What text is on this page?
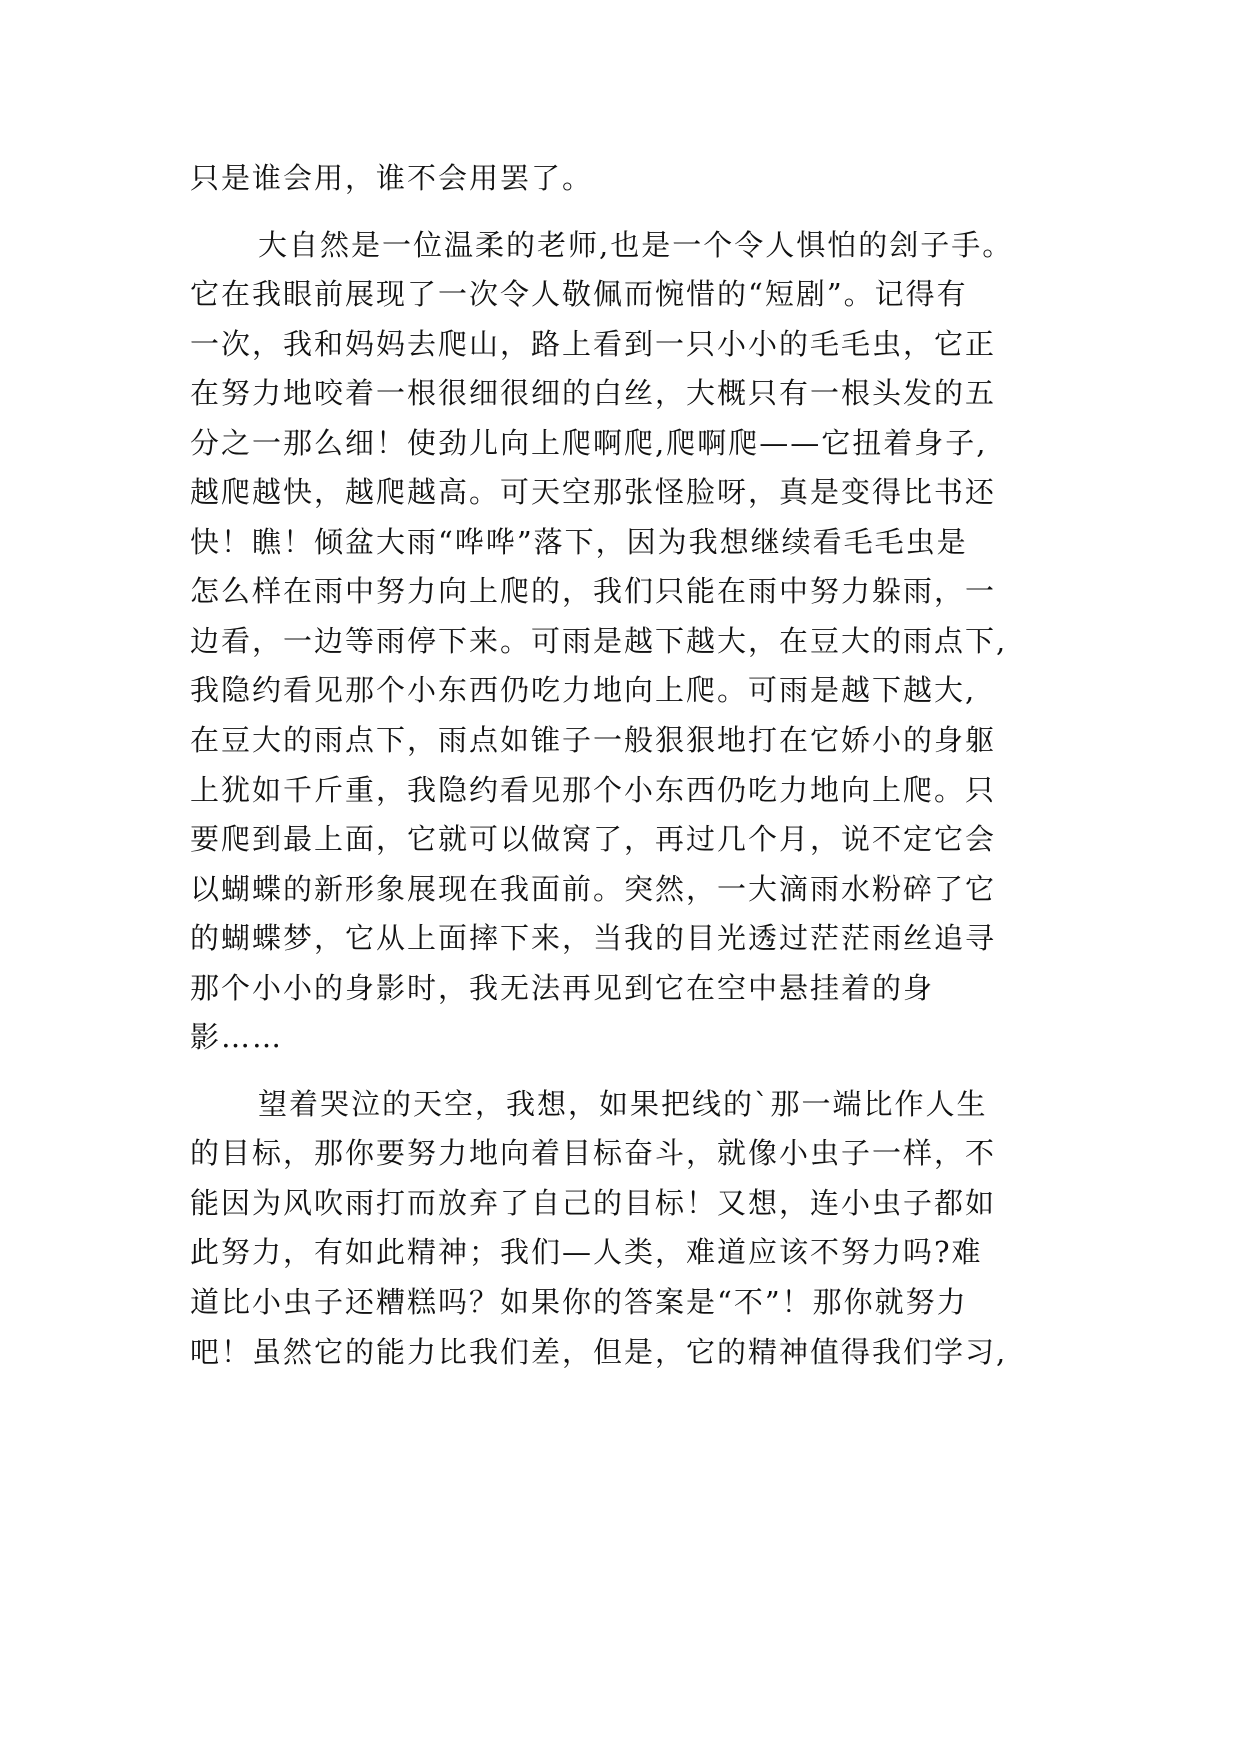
只是谁会用，谁不会用罢了。
大自然是一位温柔的老师,也是一个令人惧怕的刽子手。
它在我眼前展现了一次令人敬佩而惋惜的“短剧”。记得有
一次，我和妈妈去爬山，路上看到一只小小的毛毛虫，它正
在努力地咬着一根很细很细的白丝，大概只有一根头发的五
分之一那么细！使劲儿向上爬啊爬,爬啊爬——它扭着身子,
越爬越快，越爬越高。可天空那张怪脸呀，真是变得比书还
快！瞧！倾盆大雨“哗哗”落下，因为我想继续看毛毛虫是
怎么样在雨中努力向上爬的，我们只能在雨中努力躲雨，一
边看，一边等雨停下来。可雨是越下越大，在豆大的雨点下,
我隐约看见那个小东西仍吃力地向上爬。可雨是越下越大,
在豆大的雨点下，雨点如锥子一般狠狠地打在它娇小的身躯
上犹如千斤重，我隐约看见那个小东西仍吃力地向上爬。只
要爬到最上面，它就可以做窝了，再过几个月，说不定它会
以蝴蝶的新形象展现在我面前。突然，一大滴雨水粉碎了它
的蝴蝶梦，它从上面摔下来，当我的目光透过茫茫雨丝追寻
那个小小的身影时，我无法再见到它在空中悬挂着的身
影……
望着哭泣的天空，我想，如果把线的`那一端比作人生
的目标，那你要努力地向着目标奋斗，就像小虫子一样，不
能因为风吹雨打而放弃了自己的目标！又想，连小虫子都如
此努力，有如此精神；我们—人类，难道应该不努力吗?难
道比小虫子还糟糕吗？如果你的答案是“不”！那你就努力
吧！虽然它的能力比我们差，但是，它的精神值得我们学习,
